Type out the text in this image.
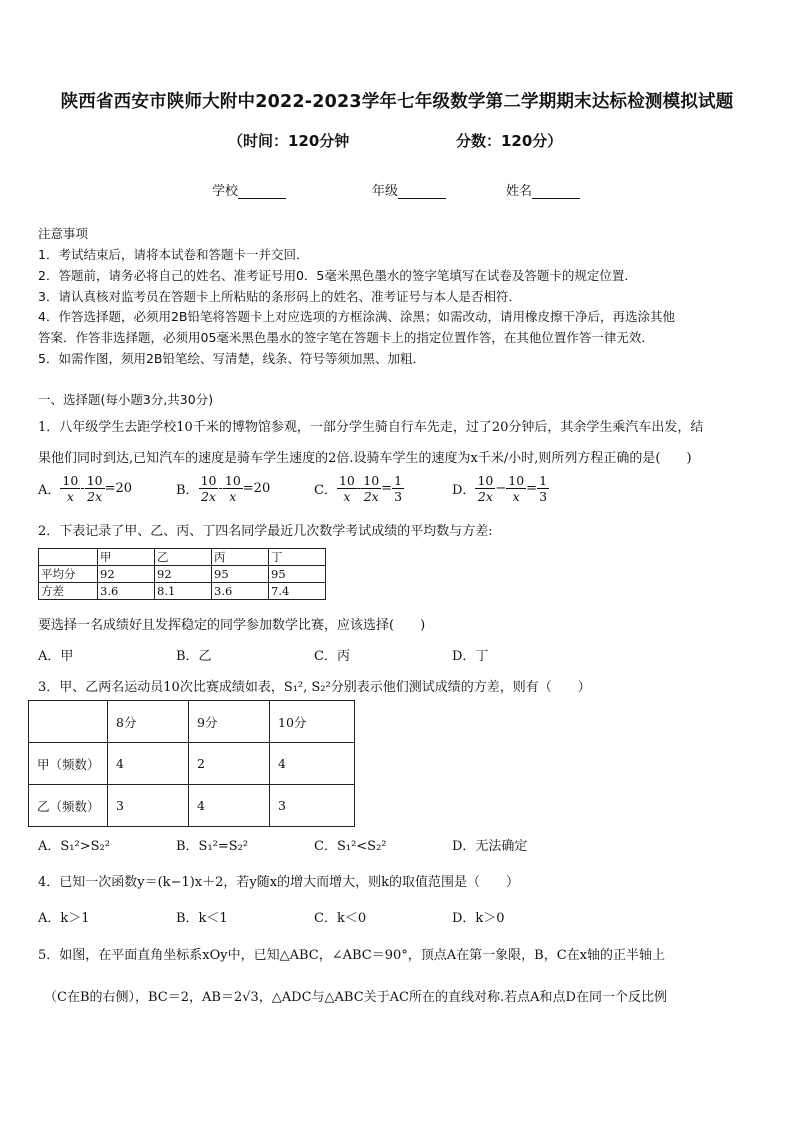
陕西省西安市陕师大附中2022-2023学年七年级数学第二学期期末达标检测模拟试题
（时间：120分钟	分数：120分）
学校	年级	姓名
注意事项
1．考试结束后，请将本试卷和答题卡一并交回．
2．答题前，请务必将自己的姓名、准考证号用0．5毫米黑色墨水的签字笔填写在试卷及答题卡的规定位置．
3．请认真核对监考员在答题卡上所粘贴的条形码上的姓名、准考证号与本人是否相符．
4．作答选择题，必须用2B铅笔将答题卡上对应选项的方框涂满、涂黑；如需改动，请用橡皮擦干净后，再选涂其他
答案．作答非选择题，必须用05毫米黑色墨水的签字笔在答题卡上的指定位置作答，在其他位置作答一律无效．
5．如需作图，须用2B铅笔绘、写清楚，线条、符号等须加黑、加粗．
一、选择题(每小题3分,共30分)
1．八年级学生去距学校10千米的博物馆参观，一部分学生骑自行车先走，过了20分钟后，其余学生乘汽车出发，结
果他们同时到达,已知汽车的速度是骑车学生速度的2倍.设骑车学生的速度为x千米/小时,则所列方程正确的是(　　)
A． $\frac{10}{x} - \frac{10}{2x} =20$	B． $\frac{10}{2x} - \frac{10}{x} =20$	C． $\frac{10}{x} - \frac{10}{2x} = \frac{1}{3}$	D． $\frac{10}{2x} - \frac{10}{x} = \frac{1}{3}$
2．下表记录了甲、乙、丙、丁四名同学最近几次数学考试成绩的平均数与方差:
	甲	乙	丙	丁
平均分	92	92	95	95
方差	3.6	8.1	3.6	7.4
要选择一名成绩好且发挥稳定的同学参加数学比赛，应该选择(　　)
A．甲	B．乙	C．丙	D．丁
3．甲、乙两名运动员10次比赛成绩如表，S₁², S₂²分别表示他们测试成绩的方差，则有（　　）
	8分	9分	10分
甲（频数）	4	2	4
乙（频数）	3	4	3
A．S₁²>S₂²	B．S₁²=S₂²	C．S₁²<S₂²	D．无法确定
4．已知一次函数y＝(k−1)x＋2，若y随x的增大而增大，则k的取值范围是（　　）
A．k＞1	B．k＜1	C．k＜0	D．k＞0
5．如图，在平面直角坐标系xOy中，已知△ABC，∠ABC＝90°，顶点A在第一象限，B，C在x轴的正半轴上
（C在B的右侧），BC＝2，AB＝2√3，△ADC与△ABC关于AC所在的直线对称.若点A和点D在同一个反比例
